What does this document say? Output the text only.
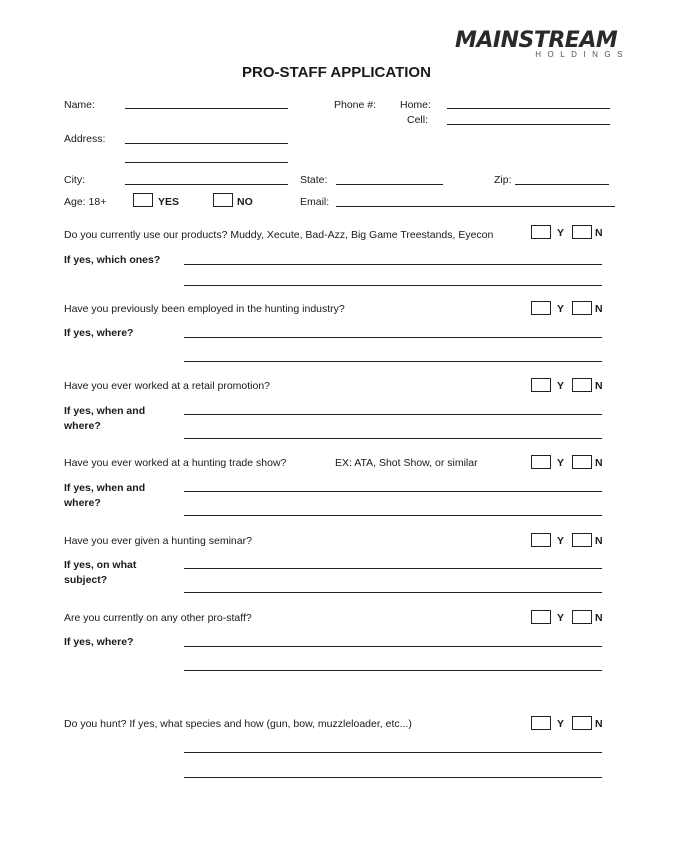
MAINSTREAM
HOLDINGS
PRO-STAFF APPLICATION
Name:	Phone #: Home:
Cell:
Address:
City:	State:	Zip:
Age: 18+	YES	NO	Email:
Do you currently use our products? Muddy, Xecute, Bad-Azz, Big Game Treestands, Eyecon	Y	N
If yes, which ones?
Have you previously been employed in the hunting industry?	Y	N
If yes, where?
Have you ever worked at a retail promotion?	Y	N
If yes, when and where?
Have you ever worked at a hunting trade show?	EX: ATA, Shot Show, or similar	Y	N
If yes, when and where?
Have you ever given a hunting seminar?	Y	N
If yes, on what subject?
Are you currently on any other pro-staff?	Y	N
If yes, where?
Do you hunt? If yes, what species and how (gun, bow, muzzleloader, etc...)	Y	N
